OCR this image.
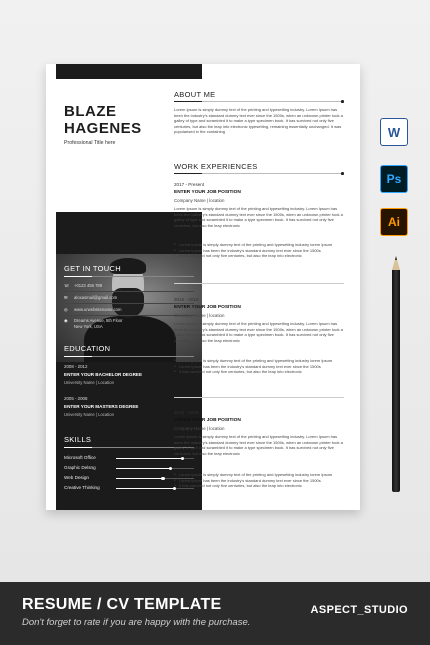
BLAZE
HAGENES
Professional Title here
GET IN TOUCH
☏ +0123 456 789
✉	aloxasmail@gmail.com
◎	www.urwebsitename.com
◉	Dreams Avenue, 5th Floor
New York, USA
EDUCATION
2008 - 2012
ENTER YOUR BACHELOR DEGREE
University Name | Location
2005 - 2008
ENTER YOUR MASTERS DEGREE
University Name | Location
SKILLS
Microsoft Office
Graphic Delsng
Web Design
Creative Thinking
ABOUT ME
Lorem Ipsum is simply dummy text of the printing and typesetting industry. Lorem Ipsum has been the industry's standard dummy text ever since the 1500s, when an unknown printer took a galley of type and scrambled it to make a type specimen book. It has survived not only five centuries, but also the leap into electronic typesetting, remaining essentially unchanged. It was popularised in the containing
WORK EXPERIENCES
2017 - Present
ENTER YOUR JOB POSITION
Company Name | location
Lorem Ipsum is simply dummy text of the printing and typesetting industry. Lorem Ipsum has been the industry's standard dummy text ever since the 1500s, when an unknown printer took a galley of type and scrambled it to make a type specimen book. It has survived not only five centuries, but also the leap electronic
● Lorem Ipsum is simply dummy text of the printing and typesetting industry lorem Ipsum
● Lorem Ipsum has been the industry's standard dummy text ever since the 1500s
● It has survived not only five centuries, but also the leap into electronic
2015 - 2018
ENTER YOUR JOB POSITION
Company Name | location
Lorem Ipsum is simply dummy text of the printing and typesetting industry. Lorem Ipsum has been the industry's standard dummy text ever since the 1500s, when an unknown printer took a galley of type and scrambled it to make a type specimen book. It has survived not only five centuries, but also the leap electronic
● Lorem Ipsum is simply dummy text of the printing and typesetting industry lorem Ipsum
● Lorem Ipsum has been the industry's standard dummy text ever since the 1500s
● It has survived not only five centuries, but also the leap into electronic
2015 - 2018
ENTER YOUR JOB POSITION
Company Name | location
Lorem Ipsum is simply dummy text of the printing and typesetting industry. Lorem Ipsum has been the industry's standard dummy text ever since the 1500s, when an unknown printer took a galley of type and scrambled it to make a type specimen book. It has survived not only five centuries, but also the leap electronic
● Lorem Ipsum is simply dummy text of the printing and typesetting industry lorem Ipsum
● Lorem Ipsum has been the industry's standard dummy text ever since the 1500s
● It has survived not only five centuries, but also the leap into electronic
W
Ps
Ai
RESUME / CV TEMPLATE
Don't forget to rate if you are happy with the purchase.
ASPECT_STUDIO
